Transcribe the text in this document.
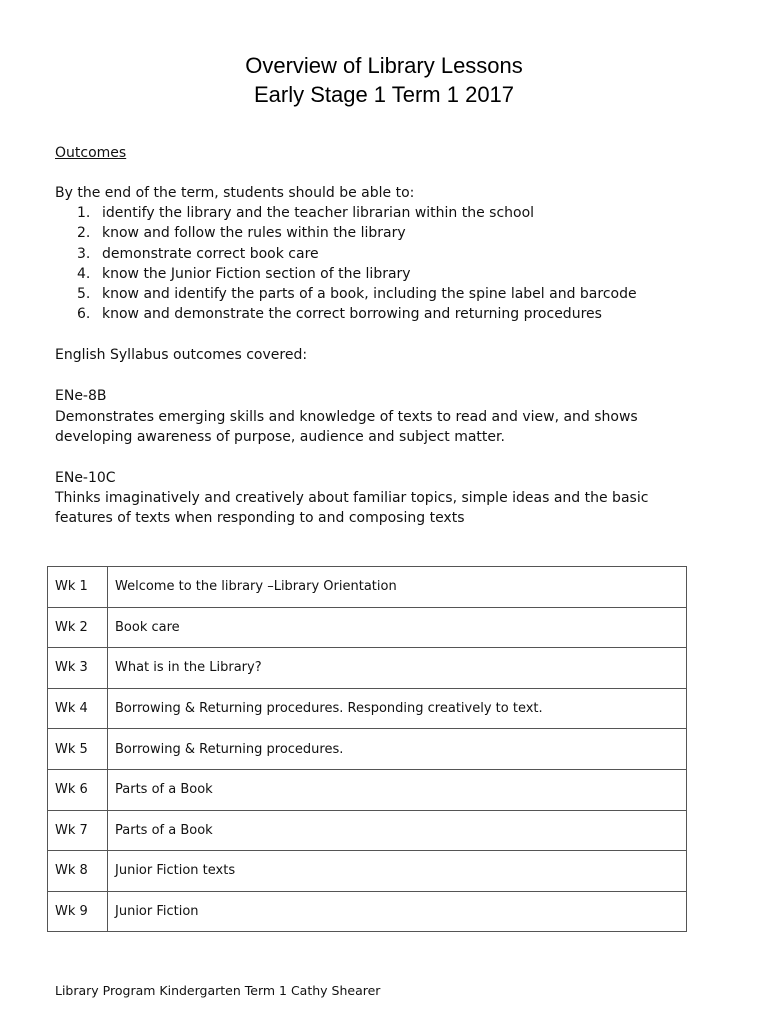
Overview of Library Lessons
Early Stage 1 Term 1 2017
Outcomes
By the end of the term, students should be able to:
1. identify the library and the teacher librarian within the school
2. know and follow the rules within the library
3. demonstrate correct book care
4. know the Junior Fiction section of the library
5. know and identify the parts of a book, including the spine label and barcode
6. know and demonstrate the correct borrowing and returning procedures
English Syllabus outcomes covered:
ENe-8B
Demonstrates emerging skills and knowledge of texts to read and view, and shows
developing awareness of purpose, audience and subject matter.
ENe-10C
Thinks imaginatively and creatively about familiar topics, simple ideas and the basic
features of texts when responding to and composing texts
Wk 1	Welcome to the library –Library Orientation
Wk 2	Book care
Wk 3	What is in the Library?
Wk 4	Borrowing & Returning procedures. Responding creatively to text.
Wk 5	Borrowing & Returning procedures.
Wk 6	Parts of a Book
Wk 7	Parts of a Book
Wk 8	Junior Fiction texts
Wk 9	Junior Fiction
Library Program Kindergarten Term 1 Cathy Shearer
